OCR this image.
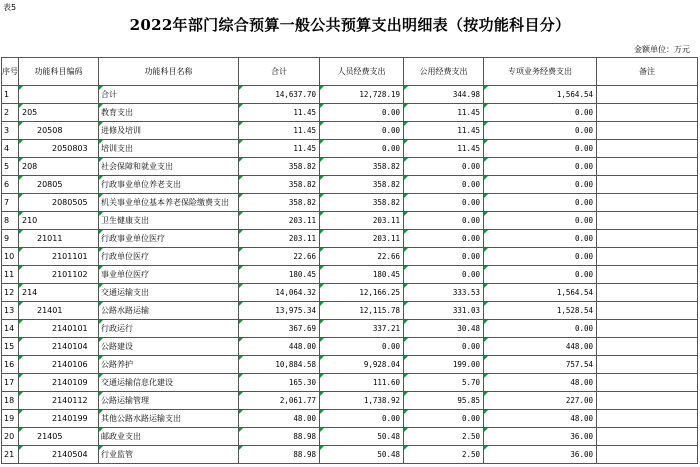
表5
2022年部门综合预算一般公共预算支出明细表（按功能科目分）
金额单位：万元
序号	功能科目编码	功能科目名称	合计	人员经费支出	公用经费支出	专项业务经费支出	备注
1		合计	14,637.70	12,728.19	344.98	1,564.54	
2	205	教育支出	11.45	0.00	11.45	0.00	
3	20508	进修及培训	11.45	0.00	11.45	0.00	
4	2050803	培训支出	11.45	0.00	11.45	0.00	
5	208	社会保障和就业支出	358.82	358.82	0.00	0.00	
6	20805	行政事业单位养老支出	358.82	358.82	0.00	0.00	
7	2080505	机关事业单位基本养老保险缴费支出	358.82	358.82	0.00	0.00	
8	210	卫生健康支出	203.11	203.11	0.00	0.00	
9	21011	行政事业单位医疗	203.11	203.11	0.00	0.00	
10	2101101	行政单位医疗	22.66	22.66	0.00	0.00	
11	2101102	事业单位医疗	180.45	180.45	0.00	0.00	
12	214	交通运输支出	14,064.32	12,166.25	333.53	1,564.54	
13	21401	公路水路运输	13,975.34	12,115.78	331.03	1,528.54	
14	2140101	行政运行	367.69	337.21	30.48	0.00	
15	2140104	公路建设	448.00	0.00	0.00	448.00	
16	2140106	公路养护	10,884.58	9,928.04	199.00	757.54	
17	2140109	交通运输信息化建设	165.30	111.60	5.70	48.00	
18	2140112	公路运输管理	2,061.77	1,738.92	95.85	227.00	
19	2140199	其他公路水路运输支出	48.00	0.00	0.00	48.00	
20	21405	邮政业支出	88.98	50.48	2.50	36.00	
21	2140504	行业监管	88.98	50.48	2.50	36.00	
